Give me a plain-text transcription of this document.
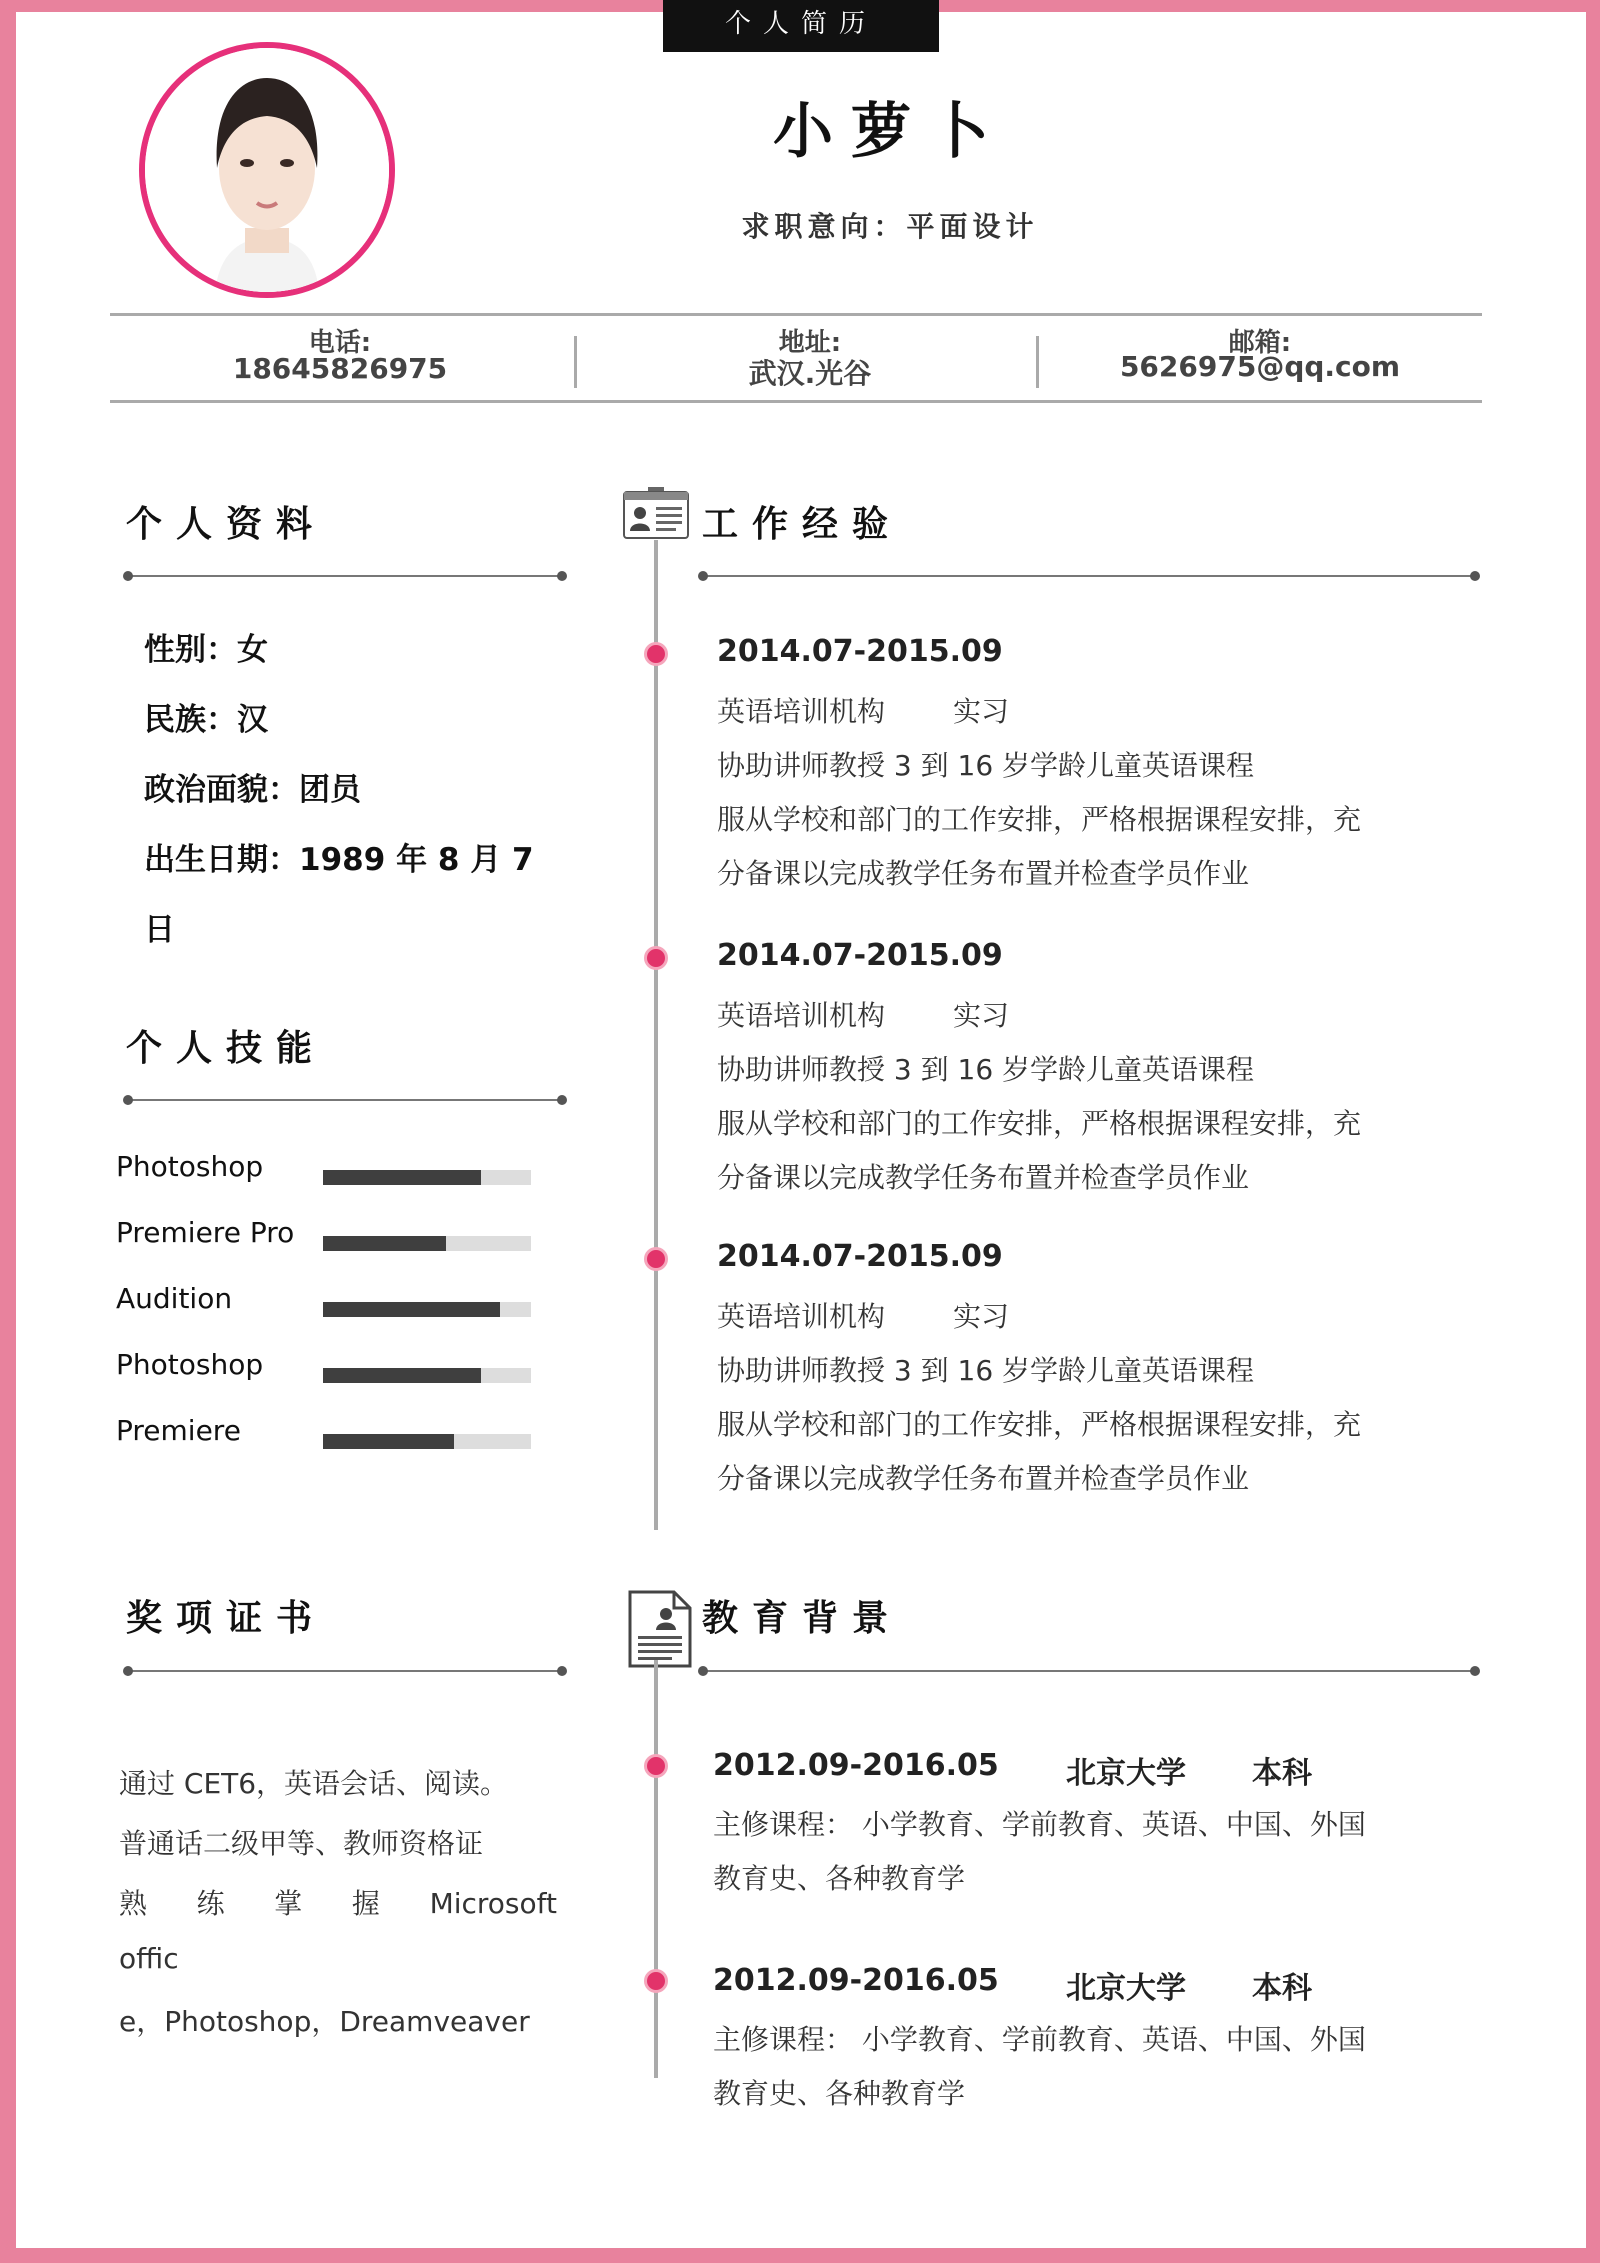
个人简历
小萝卜
求职意向：平面设计
电话:
18645826975
地址:
武汉.光谷
邮箱:
5626975@qq.com
个人资料
性别：女
民族：汉
政治面貌：团员
出生日期：1989 年 8 月 7
日
个人技能
Photoshop
Premiere Pro
Audition
Photoshop
Premiere
工作经验
2014.07-2015.09
英语培训机构 实习
协助讲师教授 3 到 16 岁学龄儿童英语课程
服从学校和部门的工作安排，严格根据课程安排，充
分备课以完成教学任务布置并检查学员作业
2014.07-2015.09
英语培训机构 实习
协助讲师教授 3 到 16 岁学龄儿童英语课程
服从学校和部门的工作安排，严格根据课程安排，充
分备课以完成教学任务布置并检查学员作业
2014.07-2015.09
英语培训机构 实习
协助讲师教授 3 到 16 岁学龄儿童英语课程
服从学校和部门的工作安排，严格根据课程安排，充
分备课以完成教学任务布置并检查学员作业
奖项证书
通过 CET6，英语会话、阅读。
普通话二级甲等、教师资格证
熟 练 掌 握 Microsoft
offic
e，Photoshop，Dreamveaver
教育背景
2012.09-2016.05 北京大学 本科
主修课程： 小学教育、学前教育、英语、中国、外国
教育史、各种教育学
2012.09-2016.05 北京大学 本科
主修课程： 小学教育、学前教育、英语、中国、外国
教育史、各种教育学
